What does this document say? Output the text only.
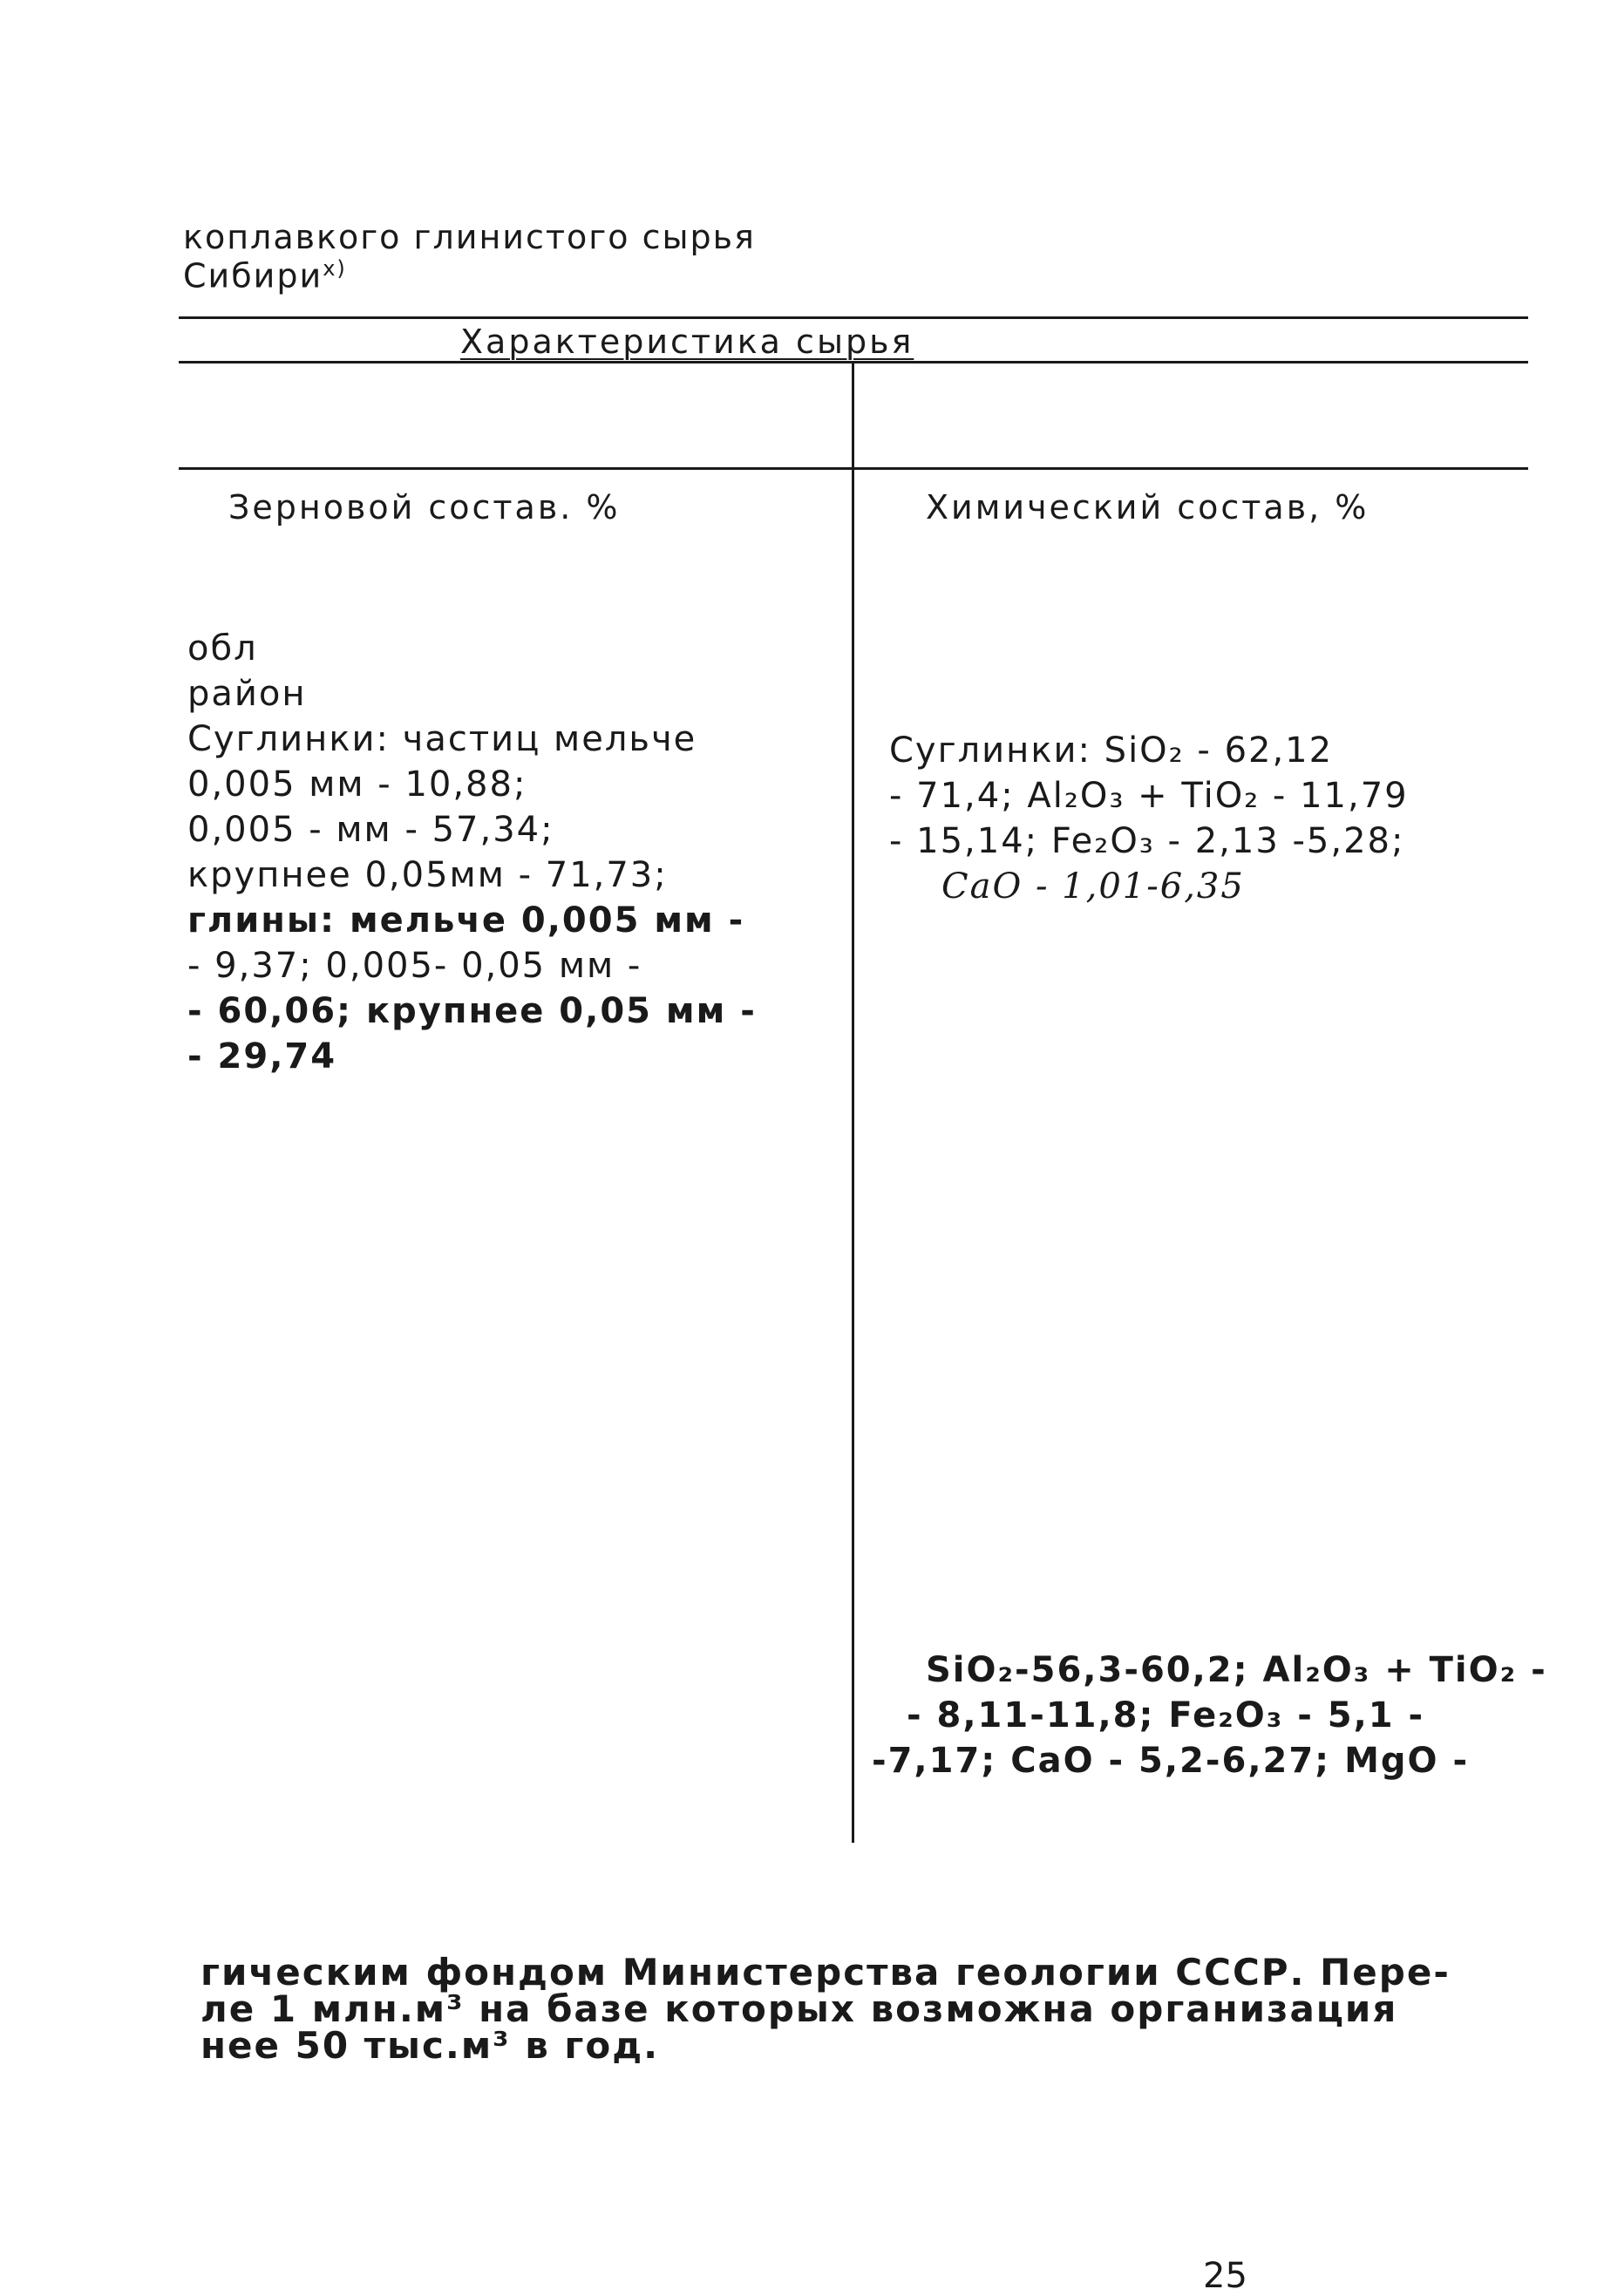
коплавкого глинистого сырья
Сибири$^{x)}$
Характеристика сырья
Зерновой состав. %	Химический состав, %
обл
район
Суглинки: частиц мельче
0,005 мм - 10,88;
0,005 - мм - 57,34;
крупнее 0,05мм - 71,73;
глины: мельче 0,005 мм -
- 9,37; 0,005- 0,05 мм -
- 60,06; крупнее 0,05 мм -
- 29,74
Суглинки: SiO₂ - 62,12
- 71,4; Al₂O₃ + TiO₂ - 11,79
- 15,14; Fe₂O₃ - 2,13 -5,28;
CaO - 1,01-6,35
SiO₂-56,3-60,2; Al₂O₃ + TiO₂ -
- 8,11-11,8; Fe₂O₃ - 5,1 -
-7,17; CaO - 5,2-6,27; MgO -
гическим фондом Министерства геологии СССР. Пере-
ле 1 млн.м³ на базе которых возможна организация
нее 50 тыс.м³ в год.
25
